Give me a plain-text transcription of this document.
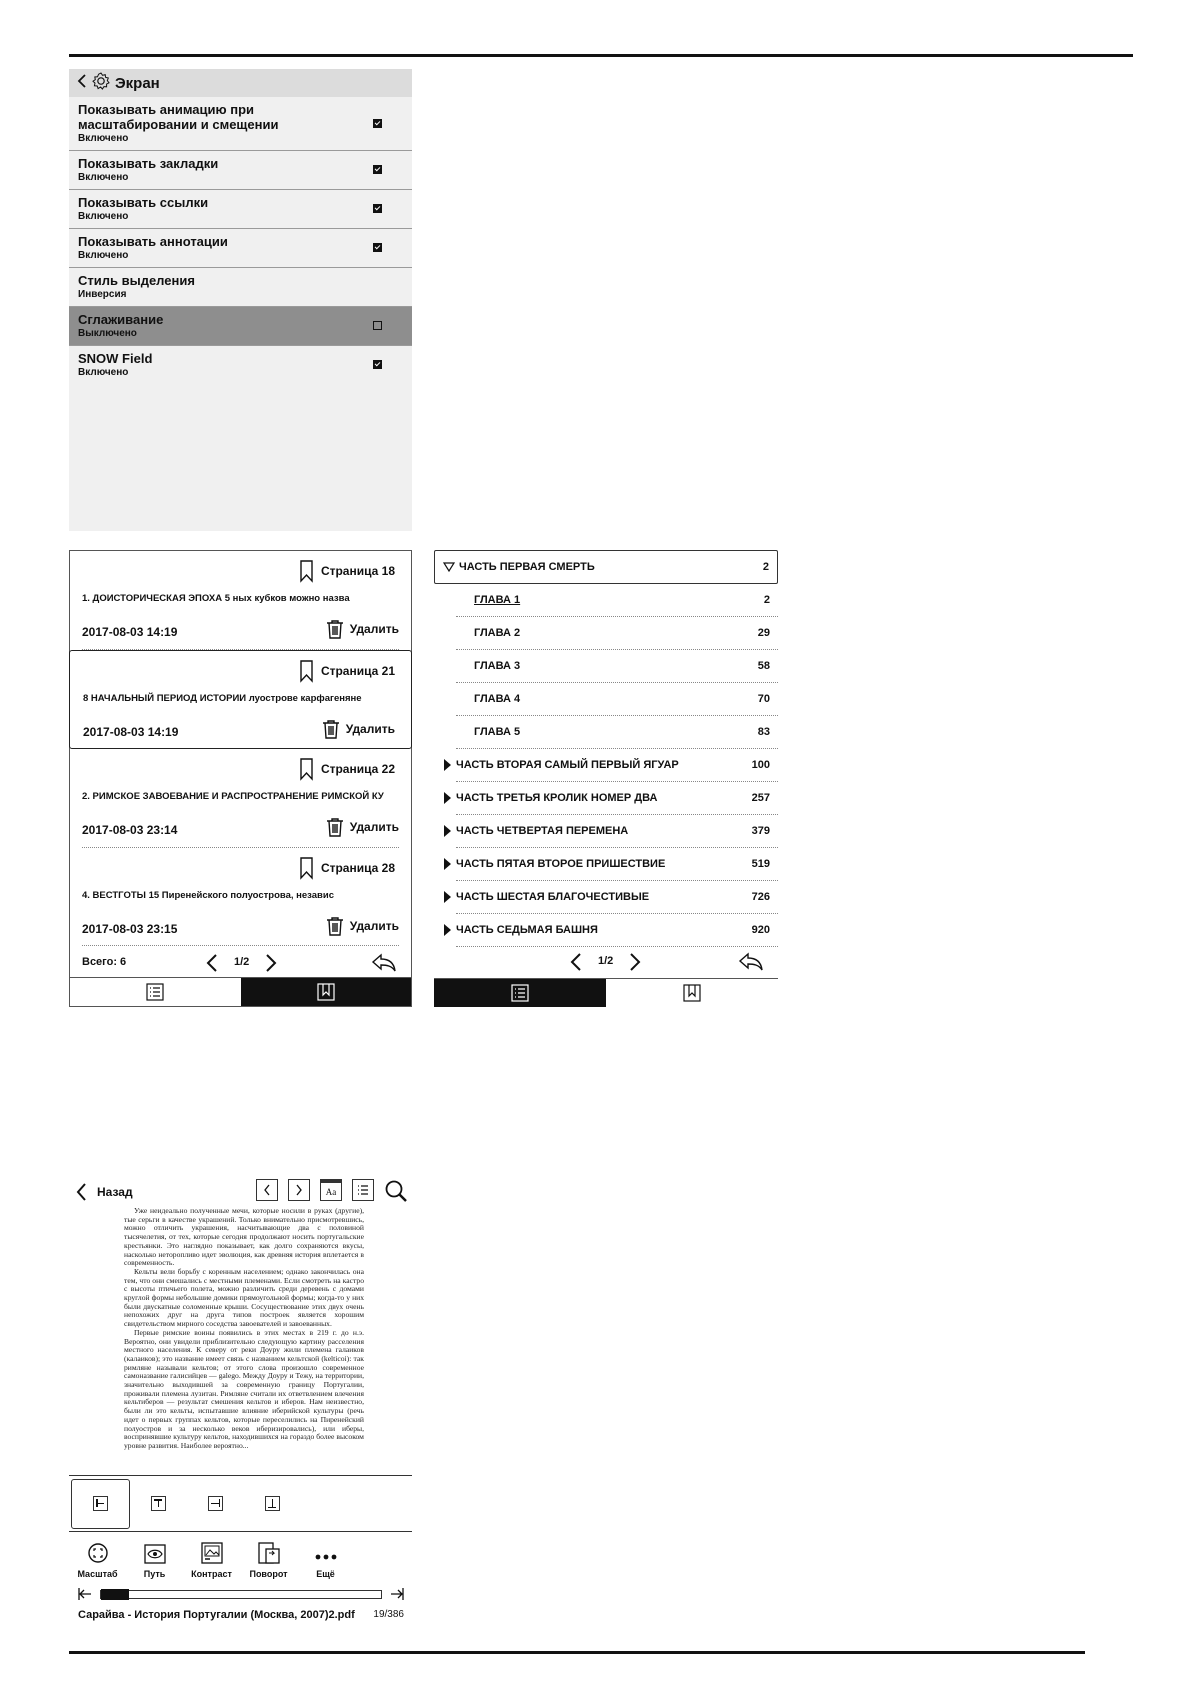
Экран
Показывать анимацию при масштабировании и смещении
Включено
Показывать закладки
Включено
Показывать ссылки
Включено
Показывать аннотации
Включено
Стиль выделения
Инверсия
Сглаживание
Выключено
SNOW Field
Включено
Страница 18
1. ДОИСТОРИЧЕСКАЯ ЭПОХА 5 ных кубков можно назва
2017-08-03 14:19	Удалить
Страница 21
8 НАЧАЛЬНЫЙ ПЕРИОД ИСТОРИИ луострове карфагеняне
2017-08-03 14:19	Удалить
Страница 22
2. РИМСКОЕ ЗАВОЕВАНИЕ И РАСПРОСТРАНЕНИЕ РИМСКОЙ КУ
2017-08-03 23:14	Удалить
Страница 28
4. ВЕСТГОТЫ 15 Пиренейского полуострова, независ
2017-08-03 23:15	Удалить
Всего: 6	1/2
ЧАСТЬ ПЕРВАЯ СМЕРТЬ	2
ГЛАВА 1	2
ГЛАВА 2	29
ГЛАВА 3	58
ГЛАВА 4	70
ГЛАВА 5	83
ЧАСТЬ ВТОРАЯ САМЫЙ ПЕРВЫЙ ЯГУАР	100
ЧАСТЬ ТРЕТЬЯ КРОЛИК НОМЕР ДВА	257
ЧАСТЬ ЧЕТВЕРТАЯ ПЕРЕМЕНА	379
ЧАСТЬ ПЯТАЯ ВТОРОЕ ПРИШЕСТВИЕ	519
ЧАСТЬ ШЕСТАЯ БЛАГОЧЕСТИВЫЕ	726
ЧАСТЬ СЕДЬМАЯ БАШНЯ	920
1/2
Назад	Aa

Уже неидеально полученные мечи, которые носили в руках (другие), тые серьги в качестве украшений. Только внимательно присмотревшись, можно отличить украшения, насчитывающие два с половиной тысячелетия, от тех, которые сегодня продолжают носить португальские крестьянки. Это наглядно показывает, как долго сохраняются вкусы, насколько неторопливо идет эволюция, как древняя история вплетается в современность.

Кельты вели борьбу с коренным населением; однако закончилась она тем, что они смешались с местными племенами. Если смотреть на кастро с высоты птичьего полета, можно различить среди деревень с домами круглой формы небольшие домики прямоугольной формы; когда-то у них были двускатные соломенные крыши. Сосуществование этих двух очень непохожих друг на друга типов построек является хорошим свидетельством мирного соседства завоевателей и завоеванных.

Первые римские воины появились в этих местах в 219 г. до н.э. Вероятно, они увидели приблизительно следующую картину расселения местного населения. К северу от реки Доуру жили племена галаиков (калаиков); это название имеет связь с названием кельтской (kelticoi): так римляне называли кельтов; от этого слова произошло современное самоназвание галисийцев — galego. Между Доуру и Тежу, на территории, значительно выходившей за современную границу Португалии, проживали племена лузитан. Римляне считали их ответвлением влечения кельтиберов — результат смешения кельтов и иберов. Нам неизвестно, были ли это кельты, испытавшие влияние иберийской культуры (речь идет о первых группах кельтов, которые переселились на Пиренейский полуостров и за несколько веков иберизировались), или иберы, воспринявшие культуру кельтов, находившихся на гораздо более высоком уровне развития. Наиболее вероятно...

Масштаб	Путь	Контраст Поворот	Ещё
Сарайва - История Португалии (Москва, 2007)2.pdf 19/386
